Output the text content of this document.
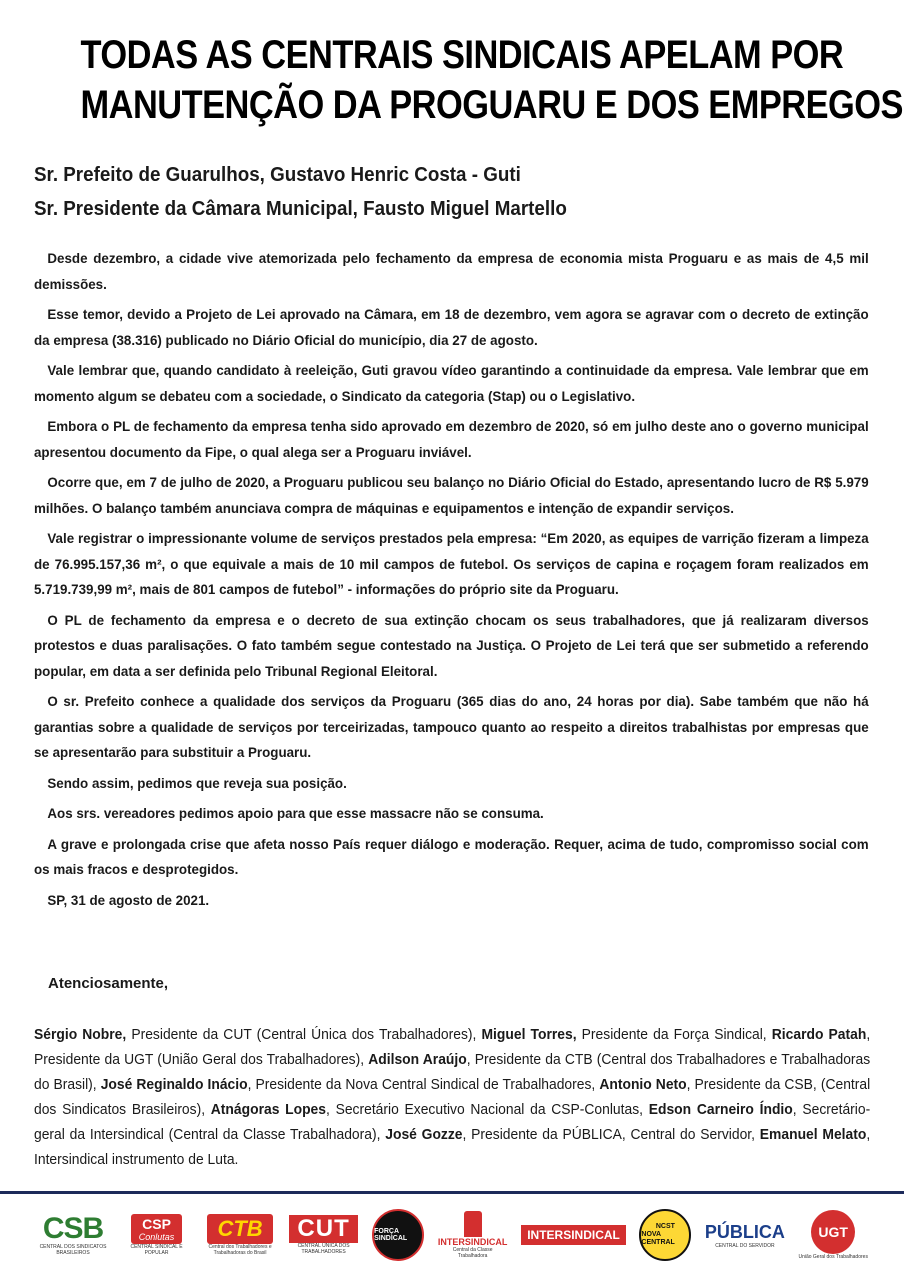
TODAS AS CENTRAIS SINDICAIS APELAM POR
MANUTENÇÃO DA PROGUARU E DOS EMPREGOS
Sr. Prefeito de Guarulhos, Gustavo Henric Costa - Guti
Sr. Presidente da Câmara Municipal, Fausto Miguel Martello

Desde dezembro, a cidade vive atemorizada pelo fechamento da empresa de economia mista Proguaru e as mais de 4,5 mil demissões.

Esse temor, devido a Projeto de Lei aprovado na Câmara, em 18 de dezembro, vem agora se agravar com o decreto de extinção da empresa (38.316) publicado no Diário Oficial do município, dia 27 de agosto.

Vale lembrar que, quando candidato à reeleição, Guti gravou vídeo garantindo a continuidade da empresa. Vale lembrar que em momento algum se debateu com a sociedade, o Sindicato da categoria (Stap) ou o Legislativo.

Embora o PL de fechamento da empresa tenha sido aprovado em dezembro de 2020, só em julho deste ano o governo municipal apresentou documento da Fipe, o qual alega ser a Proguaru inviável.

Ocorre que, em 7 de julho de 2020, a Proguaru publicou seu balanço no Diário Oficial do Estado, apresentando lucro de R$ 5.979 milhões. O balanço também anunciava compra de máquinas e equipamentos e intenção de expandir serviços.

Vale registrar o impressionante volume de serviços prestados pela empresa: “Em 2020, as equipes de varrição fizeram a limpeza de 76.995.157,36 m², o que equivale a mais de 10 mil campos de futebol. Os serviços de capina e roçagem foram realizados em 5.719.739,99 m², mais de 801 campos de futebol” - informações do próprio site da Proguaru.

O PL de fechamento da empresa e o decreto de sua extinção chocam os seus trabalhadores, que já realizaram diversos protestos e duas paralisações. O fato também segue contestado na Justiça. O Projeto de Lei terá que ser submetido a referendo popular, em data a ser definida pelo Tribunal Regional Eleitoral.

O sr. Prefeito conhece a qualidade dos serviços da Proguaru (365 dias do ano, 24 horas por dia). Sabe também que não há garantias sobre a qualidade de serviços por terceirizadas, tampouco quanto ao respeito a direitos trabalhistas por empresas que se apresentarão para substituir a Proguaru.

Sendo assim, pedimos que reveja sua posição.

Aos srs. vereadores pedimos apoio para que esse massacre não se consuma.

A grave e prolongada crise que afeta nosso País requer diálogo e moderação. Requer, acima de tudo, compromisso social com os mais fracos e desprotegidos.

SP, 31 de agosto de 2021.

Atenciosamente,

Sérgio Nobre, Presidente da CUT (Central Única dos Trabalhadores), Miguel Torres, Presidente da Força Sindical, Ricardo Patah, Presidente da UGT (União Geral dos Trabalhadores), Adilson Araújo, Presidente da CTB (Central dos Trabalhadores e Trabalhadoras do Brasil), José Reginaldo Inácio, Presidente da Nova Central Sindical de Trabalhadores, Antonio Neto, Presidente da CSB, (Central dos Sindicatos Brasileiros), Atnágoras Lopes, Secretário Executivo Nacional da CSP-Conlutas, Edson Carneiro Índio, Secretário-geral da Intersindical (Central da Classe Trabalhadora), José Gozze, Presidente da PÚBLICA, Central do Servidor, Emanuel Melato, Intersindical instrumento de Luta.

CSB
CENTRAL DOS SINDICATOS BRASILEIROS
CSP
Conlutas
CENTRAL SINDICAL E POPULAR
CTB
Central dos Trabalhadores e Trabalhadoras do Brasil
CUT
CENTRAL ÚNICA DOS TRABALHADORES
FORÇA SINDICAL	INTERSINDICAL
Central da Classe Trabalhadora
INTERSINDICAL
NCST
NOVA CENTRAL
PÚBLICA
CENTRAL DO SERVIDOR
UGT
União Geral dos Trabalhadores
